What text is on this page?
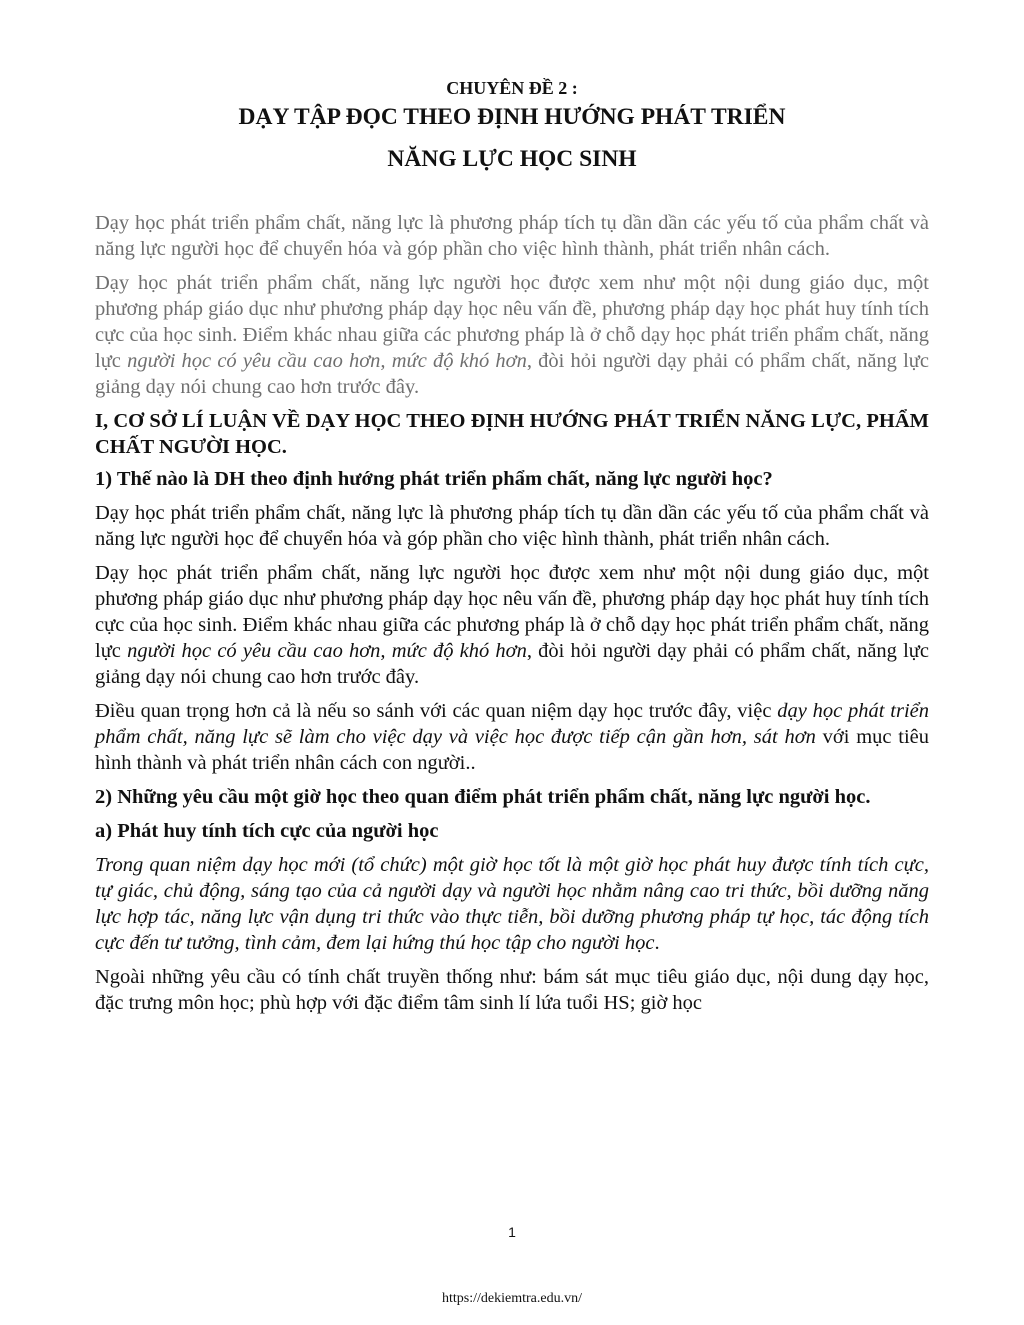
CHUYÊN ĐỀ 2 :
DẠY TẬP ĐỌC THEO ĐỊNH HƯỚNG PHÁT TRIỂN
NĂNG LỰC HỌC SINH

Dạy học phát triển phẩm chất, năng lực là phương pháp tích tụ dần dần các yếu tố của phẩm chất và năng lực người học để chuyển hóa và góp phần cho việc hình thành, phát triển nhân cách.

Dạy học phát triển phẩm chất, năng lực người học được xem như một nội dung giáo dục, một phương pháp giáo dục như phương pháp dạy học nêu vấn đề, phương pháp dạy học phát huy tính tích cực của học sinh. Điểm khác nhau giữa các phương pháp là ở chỗ dạy học phát triển phẩm chất, năng lực người học có yêu cầu cao hơn, mức độ khó hơn, đòi hỏi người dạy phải có phẩm chất, năng lực giảng dạy nói chung cao hơn trước đây.

I, CƠ SỞ LÍ LUẬN VỀ DẠY HỌC THEO ĐỊNH HƯỚNG PHÁT TRIỂN NĂNG LỰC, PHẨM CHẤT NGƯỜI HỌC.
1) Thế nào là DH theo định hướng phát triển phẩm chất, năng lực người học?

Dạy học phát triển phẩm chất, năng lực là phương pháp tích tụ dần dần các yếu tố của phẩm chất và năng lực người học để chuyển hóa và góp phần cho việc hình thành, phát triển nhân cách.

Dạy học phát triển phẩm chất, năng lực người học được xem như một nội dung giáo dục, một phương pháp giáo dục như phương pháp dạy học nêu vấn đề, phương pháp dạy học phát huy tính tích cực của học sinh. Điểm khác nhau giữa các phương pháp là ở chỗ dạy học phát triển phẩm chất, năng lực người học có yêu cầu cao hơn, mức độ khó hơn, đòi hỏi người dạy phải có phẩm chất, năng lực giảng dạy nói chung cao hơn trước đây.

Điều quan trọng hơn cả là nếu so sánh với các quan niệm dạy học trước đây, việc dạy học phát triển phẩm chất, năng lực sẽ làm cho việc dạy và việc học được tiếp cận gần hơn, sát hơn với mục tiêu hình thành và phát triển nhân cách con người..

2) Những yêu cầu một giờ học theo quan điểm phát triển phẩm chất, năng lực người học.
a) Phát huy tính tích cực của người học

Trong quan niệm dạy học mới (tổ chức) một giờ học tốt là một giờ học phát huy được tính tích cực, tự giác, chủ động, sáng tạo của cả người dạy và người học nhằm nâng cao tri thức, bồi dưỡng năng lực hợp tác, năng lực vận dụng tri thức vào thực tiễn, bồi dưỡng phương pháp tự học, tác động tích cực đến tư tưởng, tình cảm, đem lại hứng thú học tập cho người học.

Ngoài những yêu cầu có tính chất truyền thống như: bám sát mục tiêu giáo dục, nội dung dạy học, đặc trưng môn học; phù hợp với đặc điểm tâm sinh lí lứa tuổi HS; giờ học

1
https://dekiemtra.edu.vn/
